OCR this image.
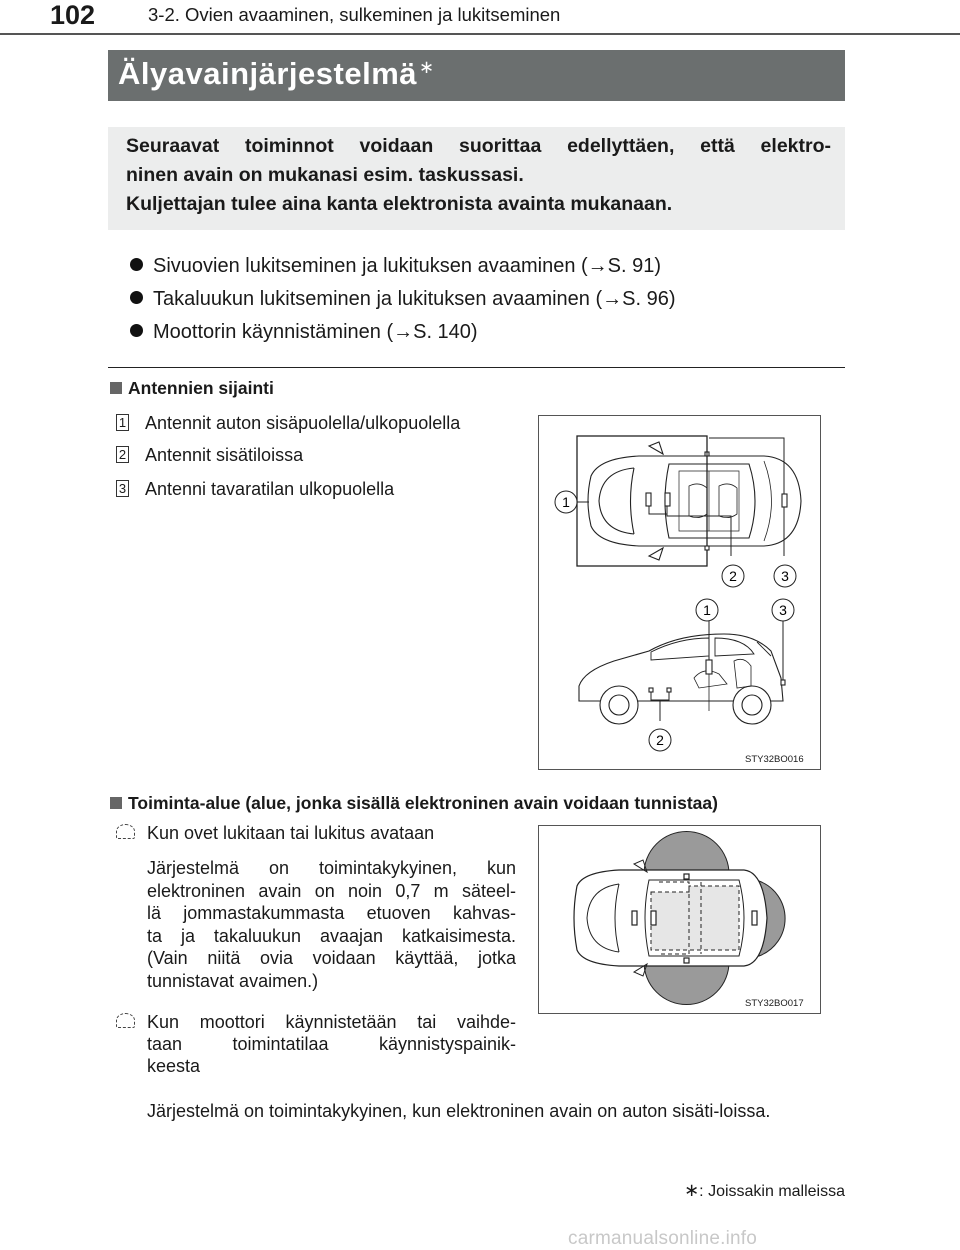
102	3-2. Ovien avaaminen, sulkeminen ja lukitseminen
Älyavainjärjestelmä ∗

Seuraavat toiminnot voidaan suorittaa edellyttäen, että elektro-

ninen avain on mukanasi esim. taskussasi.

Kuljettajan tulee aina kanta elektronista avainta mukanaan.

Sivuovien lukitseminen ja lukituksen avaaminen (→S. 91)
Takaluukun lukitseminen ja lukituksen avaaminen (→S. 96)
Moottorin käynnistäminen (→S. 140)
Antennien sijainti
1 Antennit auton sisäpuolella/ulkopuolella
2 Antennit sisätiloissa
3 Antenni tavaratilan ulkopuolella
1
2	3
1	3
2
STY32BO016
Toiminta-alue (alue, jonka sisällä elektroninen avain voidaan tunnistaa)
Kun ovet lukitaan tai lukitus avataan
Järjestelmä on toimintakykyinen, kun
elektroninen avain on noin 0,7 m säteel-
lä jommastakummasta etuoven kahvas-
ta ja takaluukun avaajan katkaisimesta.
(Vain niitä ovia voidaan käyttää, jotka
tunnistavat avaimen.)
Kun moottori käynnistetään tai vaihde-
taan toimintatilaa käynnistyspainik-
keesta
Järjestelmä on toimintakykyinen, kun elektroninen avain on auton sisäti-loissa.
STY32BO017
∗: Joissakin malleissa
carmanualsonline.info
